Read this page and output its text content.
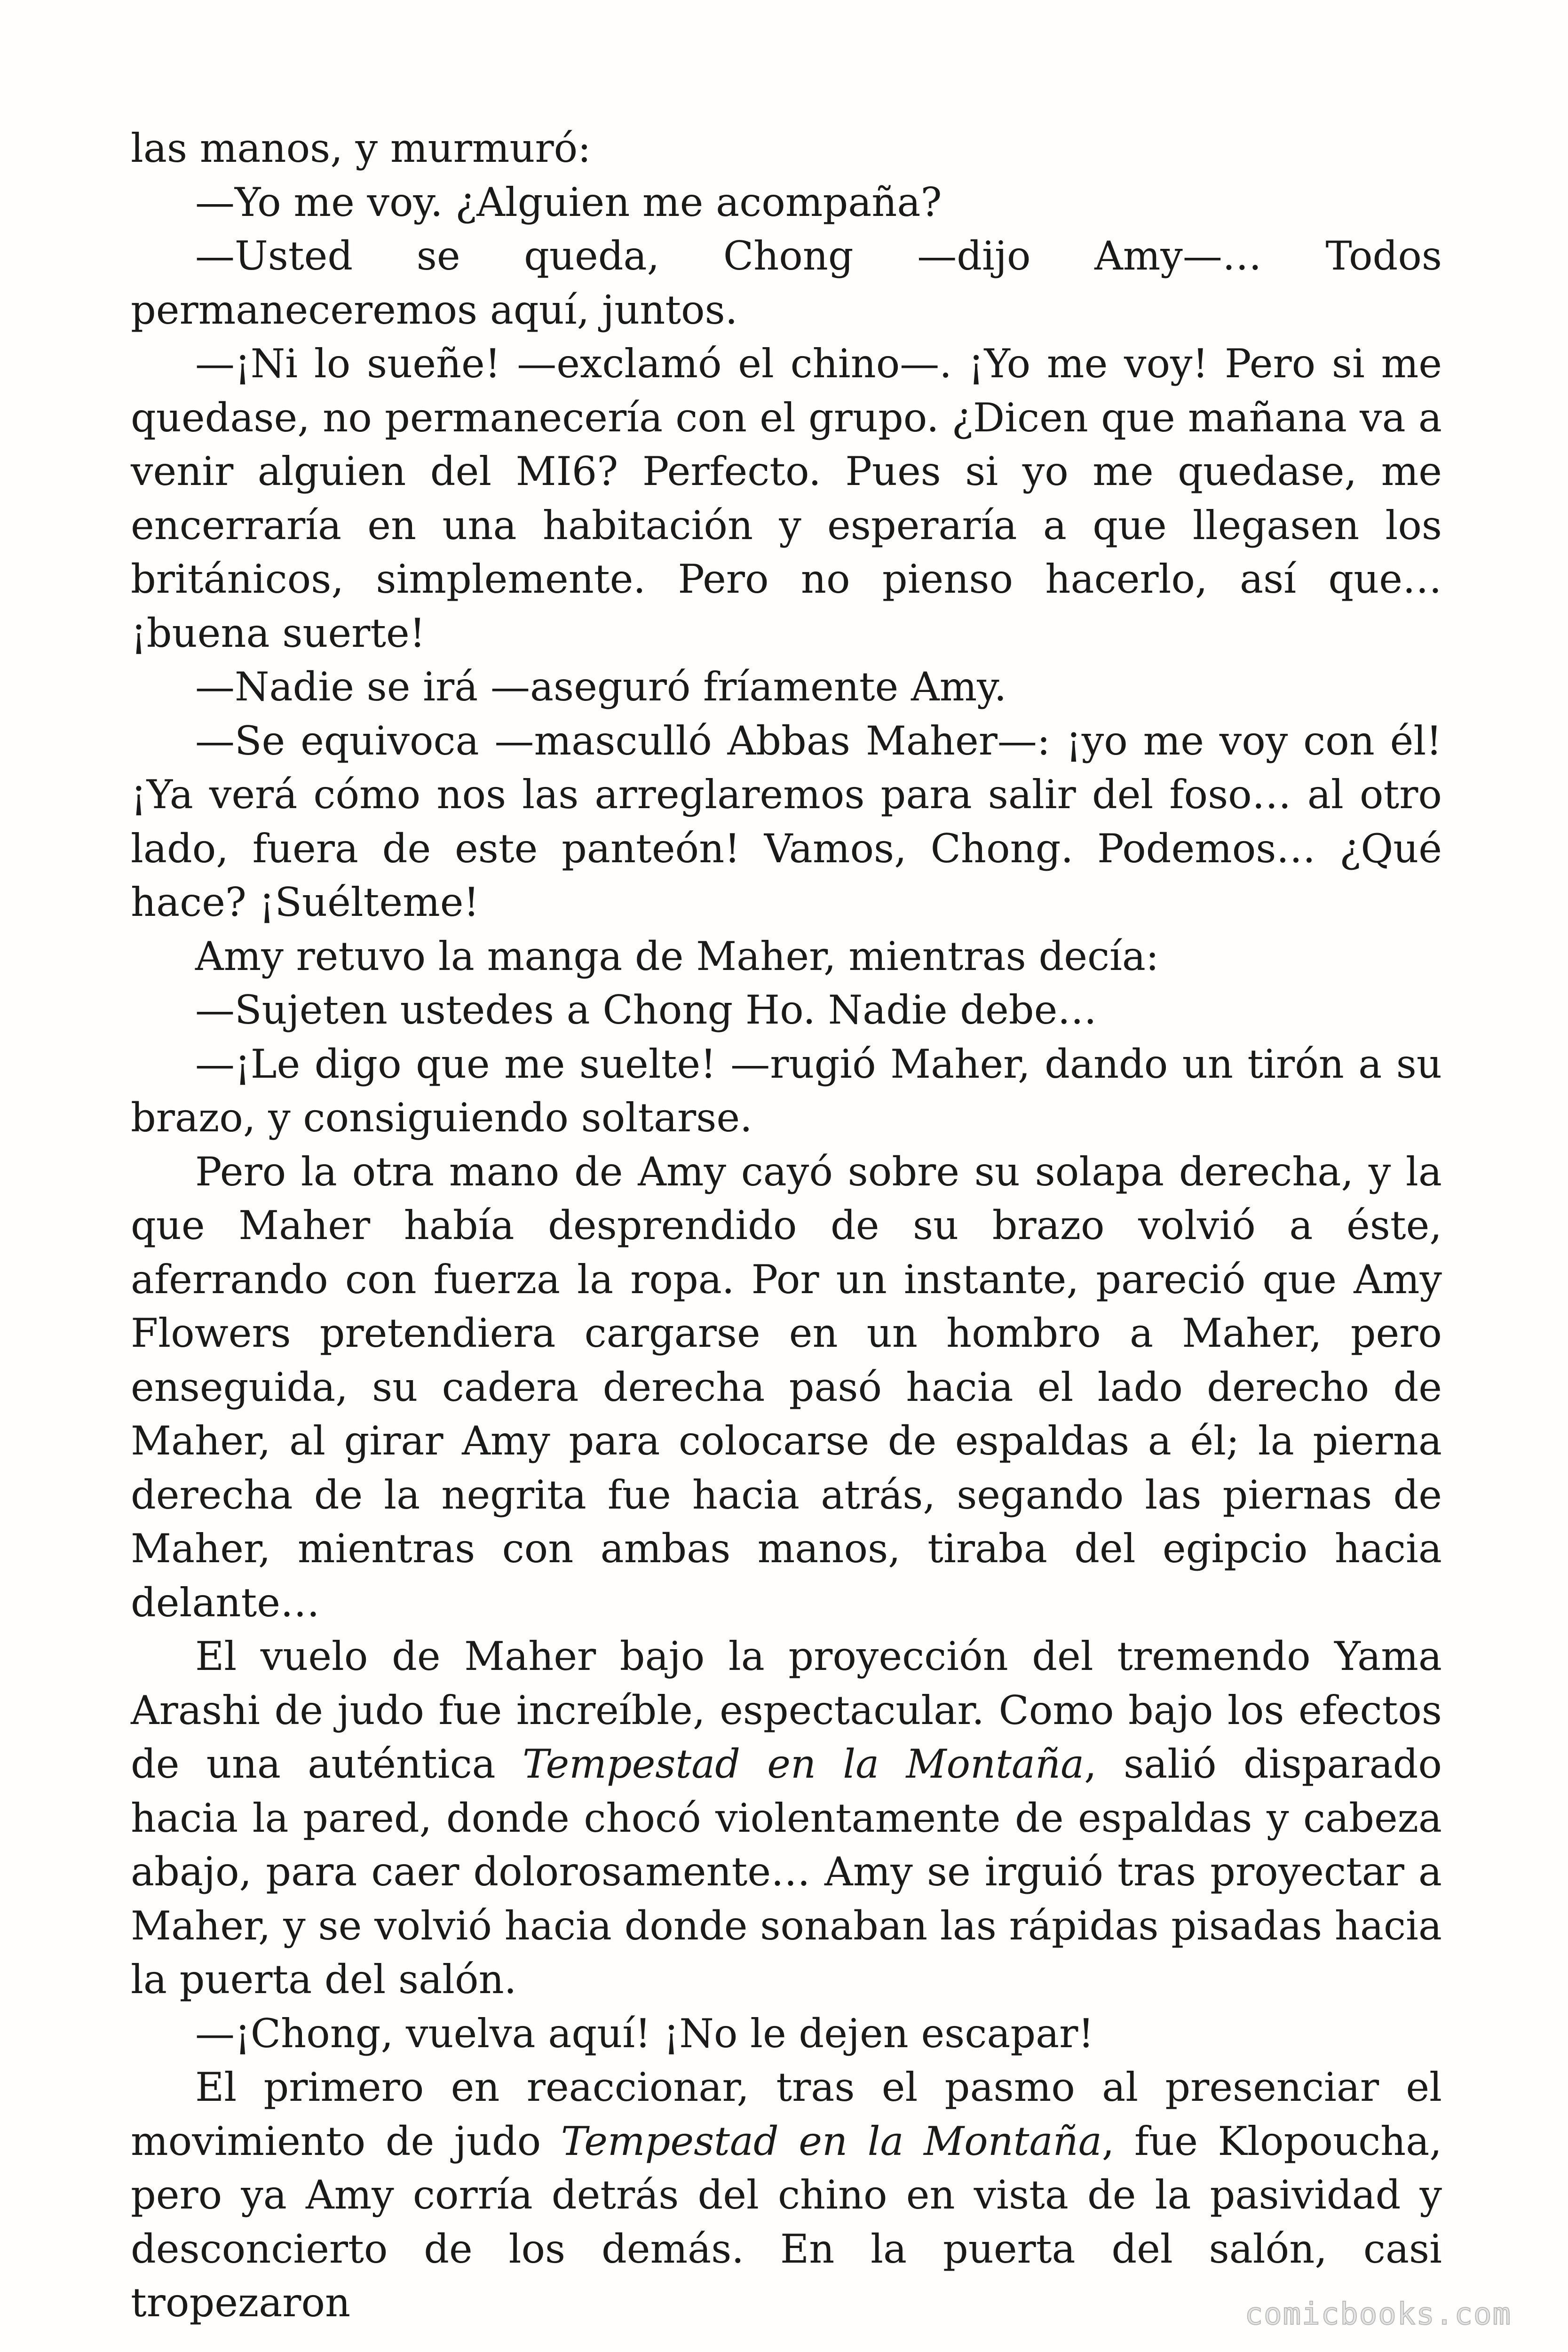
las manos, y murmuró:

—Yo me voy. ¿Alguien me acompaña?

—Usted se queda, Chong —dijo Amy—… Todos permaneceremos aquí, juntos.

—¡Ni lo sueñe! —exclamó el chino—. ¡Yo me voy! Pero si me quedase, no permanecería con el grupo. ¿Dicen que mañana va a venir alguien del MI6? Perfecto. Pues si yo me quedase, me encerraría en una habitación y esperaría a que llegasen los británicos, simplemente. Pero no pienso hacerlo, así que… ¡buena suerte!

—Nadie se irá —aseguró fríamente Amy.

—Se equivoca —masculló Abbas Maher—: ¡yo me voy con él! ¡Ya verá cómo nos las arreglaremos para salir del foso… al otro lado, fuera de este panteón! Vamos, Chong. Podemos… ¿Qué hace? ¡Suélteme!

Amy retuvo la manga de Maher, mientras decía:

—Sujeten ustedes a Chong Ho. Nadie debe…

—¡Le digo que me suelte! —rugió Maher, dando un tirón a su brazo, y consiguiendo soltarse.

Pero la otra mano de Amy cayó sobre su solapa derecha, y la que Maher había desprendido de su brazo volvió a éste, aferrando con fuerza la ropa. Por un instante, pareció que Amy Flowers pretendiera cargarse en un hombro a Maher, pero enseguida, su cadera derecha pasó hacia el lado derecho de Maher, al girar Amy para colocarse de espaldas a él; la pierna derecha de la negrita fue hacia atrás, segando las piernas de Maher, mientras con ambas manos, tiraba del egipcio hacia delante…

El vuelo de Maher bajo la proyección del tremendo Yama Arashi de judo fue increíble, espectacular. Como bajo los efectos de una auténtica Tempestad en la Montaña, salió disparado hacia la pared, donde chocó violentamente de espaldas y cabeza abajo, para caer dolorosamente… Amy se irguió tras proyectar a Maher, y se volvió hacia donde sonaban las rápidas pisadas hacia la puerta del salón.

—¡Chong, vuelva aquí! ¡No le dejen escapar!

El primero en reaccionar, tras el pasmo al presenciar el movimiento de judo Tempestad en la Montaña, fue Klopoucha, pero ya Amy corría detrás del chino en vista de la pasividad y desconcierto de los demás. En la puerta del salón, casi tropezaron	comicbooks.com
